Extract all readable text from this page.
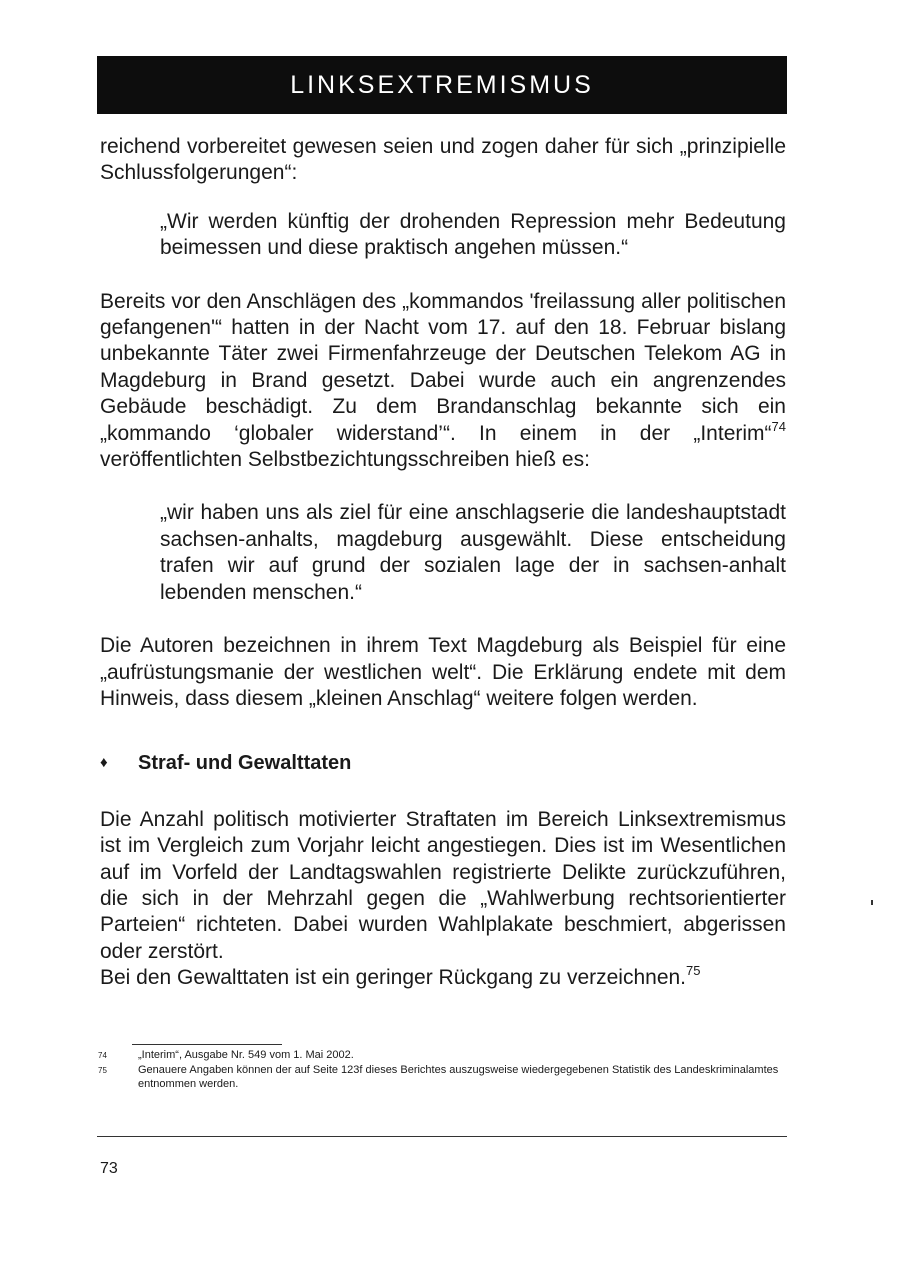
LINKSEXTREMISMUS

reichend vorbereitet gewesen seien und zogen daher für sich „prinzipielle Schlussfolgerungen“:

„Wir werden künftig der drohenden Repression mehr Bedeutung beimessen und diese praktisch angehen müssen.“

Bereits vor den Anschlägen des „kommandos 'freilassung aller politischen gefangenen'“ hatten in der Nacht vom 17. auf den 18. Februar bislang unbekannte Täter zwei Firmenfahrzeuge der Deutschen Telekom AG in Magdeburg in Brand gesetzt. Dabei wurde auch ein angrenzendes Gebäude beschädigt. Zu dem Brandanschlag bekannte sich ein „kommando ‘globaler widerstand’“. In einem in der „Interim“$^{74}$ veröffentlichten Selbstbezichtungsschreiben hieß es:

„wir haben uns als ziel für eine anschlagserie die landeshauptstadt sachsen-anhalts, magdeburg ausgewählt. Diese entscheidung trafen wir auf grund der sozialen lage der in sachsen-anhalt lebenden menschen.“

Die Autoren bezeichnen in ihrem Text Magdeburg als Beispiel für eine „aufrüstungsmanie der westlichen welt“. Die Erklärung endete mit dem Hinweis, dass diesem „kleinen Anschlag“ weitere folgen werden.

♦	Straf- und Gewalttaten

Die Anzahl politisch motivierter Straftaten im Bereich Linksextremismus ist im Vergleich zum Vorjahr leicht angestiegen. Dies ist im Wesentlichen auf im Vorfeld der Landtagswahlen registrierte Delikte zurückzuführen, die sich in der Mehrzahl gegen die „Wahlwerbung rechtsorientierter Parteien“ richteten. Dabei wurden Wahlplakate beschmiert, abgerissen oder zerstört.

Bei den Gewalttaten ist ein geringer Rückgang zu verzeichnen.$^{75}$

74	„Interim“, Ausgabe Nr. 549 vom 1. Mai 2002.
75	Genauere Angaben können der auf Seite 123f dieses Berichtes auszugsweise wiedergegebenen Statistik des Landeskriminalamtes entnommen werden.
73
